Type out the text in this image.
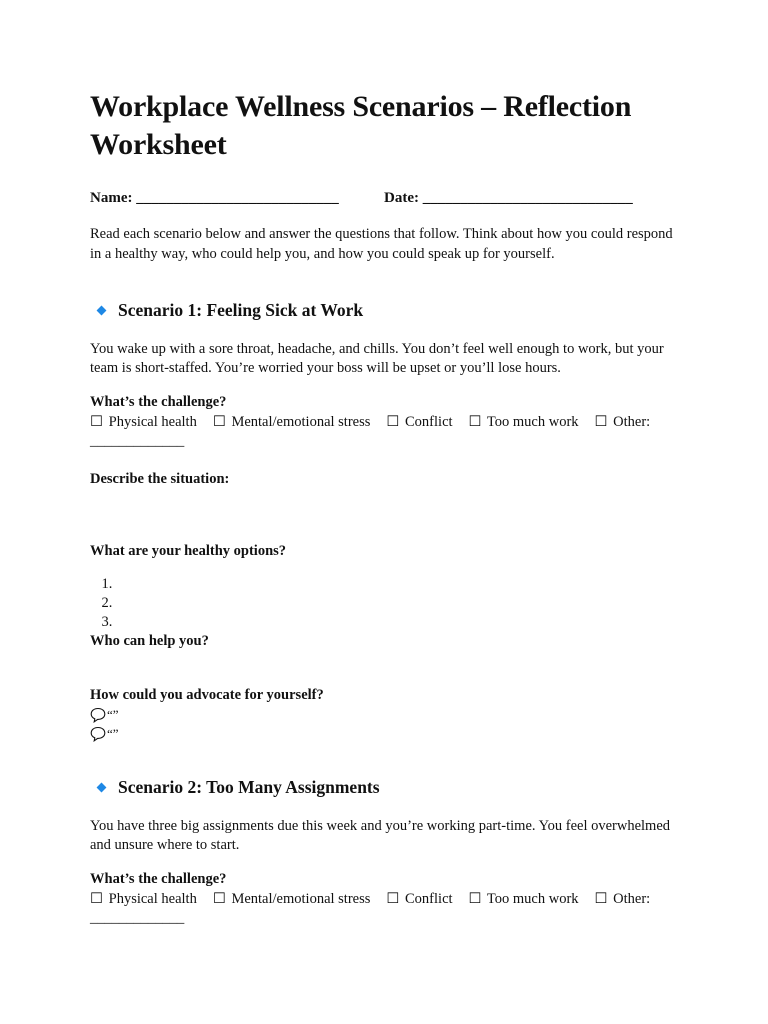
Workplace Wellness Scenarios – Reflection Worksheet
Name: ___________________________	Date: ____________________________
Read each scenario below and answer the questions that follow. Think about how you could respond in a healthy way, who could help you, and how you could speak up for yourself.
Scenario 1: Feeling Sick at Work
You wake up with a sore throat, headache, and chills. You don’t feel well enough to work, but your team is short-staffed. You’re worried your boss will be upset or you’ll lose hours.
What’s the challenge?
☐ Physical health ☐ Mental/emotional stress ☐ Conflict ☐ Too much work ☐ Other:
_____________
Describe the situation:
What are your healthy options?
1.
2.
3.
Who can help you?
How could you advocate for yourself?
“”
“”
Scenario 2: Too Many Assignments
You have three big assignments due this week and you’re working part-time. You feel overwhelmed and unsure where to start.
What’s the challenge?
☐ Physical health ☐ Mental/emotional stress ☐ Conflict ☐ Too much work ☐ Other:
_____________
